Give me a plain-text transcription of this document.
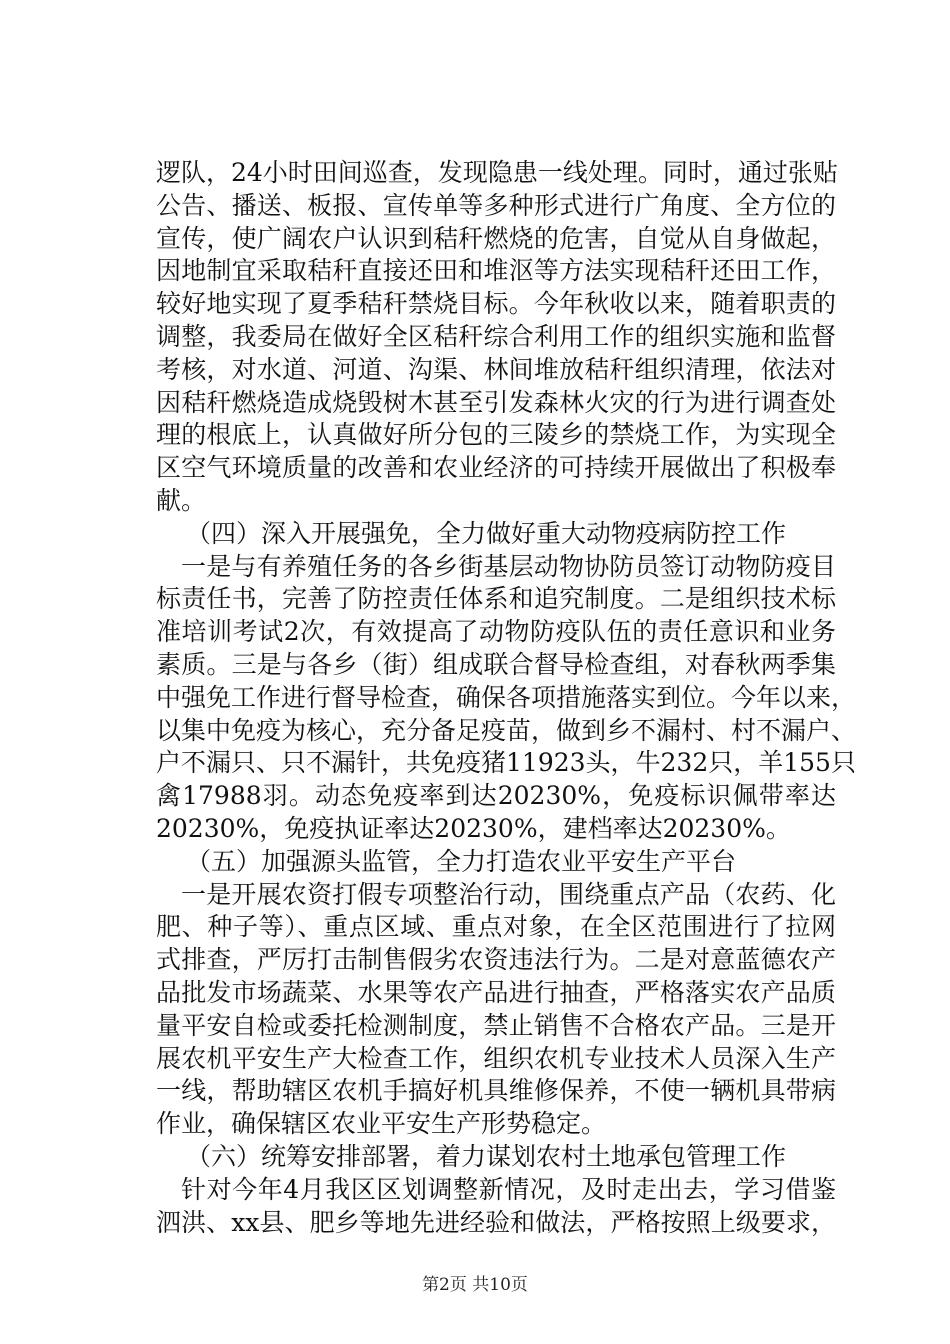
逻队，24小时田间巡查，发现隐患一线处理。同时，通过张贴
公告、播送、板报、宣传单等多种形式进行广角度、全方位的
宣传，使广阔农户认识到秸秆燃烧的危害，自觉从自身做起，
因地制宜采取秸秆直接还田和堆沤等方法实现秸秆还田工作，
较好地实现了夏季秸秆禁烧目标。今年秋收以来，随着职责的
调整，我委局在做好全区秸秆综合利用工作的组织实施和监督
考核，对水道、河道、沟渠、林间堆放秸秆组织清理，依法对
因秸秆燃烧造成烧毁树木甚至引发森林火灾的行为进行调查处
理的根底上，认真做好所分包的三陵乡的禁烧工作，为实现全
区空气环境质量的改善和农业经济的可持续开展做出了积极奉
献。
（四）深入开展强免，全力做好重大动物疫病防控工作
一是与有养殖任务的各乡街基层动物协防员签订动物防疫目
标责任书，完善了防控责任体系和追究制度。二是组织技术标
准培训考试2次，有效提高了动物防疫队伍的责任意识和业务
素质。三是与各乡（街）组成联合督导检查组，对春秋两季集
中强免工作进行督导检查，确保各项措施落实到位。今年以来，
以集中免疫为核心，充分备足疫苗，做到乡不漏村、村不漏户、
户不漏只、只不漏针，共免疫猪11923头，牛232只，羊155只
禽17988羽。动态免疫率到达20230%，免疫标识佩带率达
20230%，免疫执证率达20230%，建档率达20230%。
（五）加强源头监管，全力打造农业平安生产平台
一是开展农资打假专项整治行动，围绕重点产品（农药、化
肥、种子等）、重点区域、重点对象，在全区范围进行了拉网
式排查，严厉打击制售假劣农资违法行为。二是对意蓝德农产
品批发市场蔬菜、水果等农产品进行抽查，严格落实农产品质
量平安自检或委托检测制度，禁止销售不合格农产品。三是开
展农机平安生产大检查工作，组织农机专业技术人员深入生产
一线，帮助辖区农机手搞好机具维修保养，不使一辆机具带病
作业，确保辖区农业平安生产形势稳定。
（六）统筹安排部署，着力谋划农村土地承包管理工作
针对今年4月我区区划调整新情况，及时走出去，学习借鉴
泗洪、xx县、肥乡等地先进经验和做法，严格按照上级要求，
第2页 共10页
